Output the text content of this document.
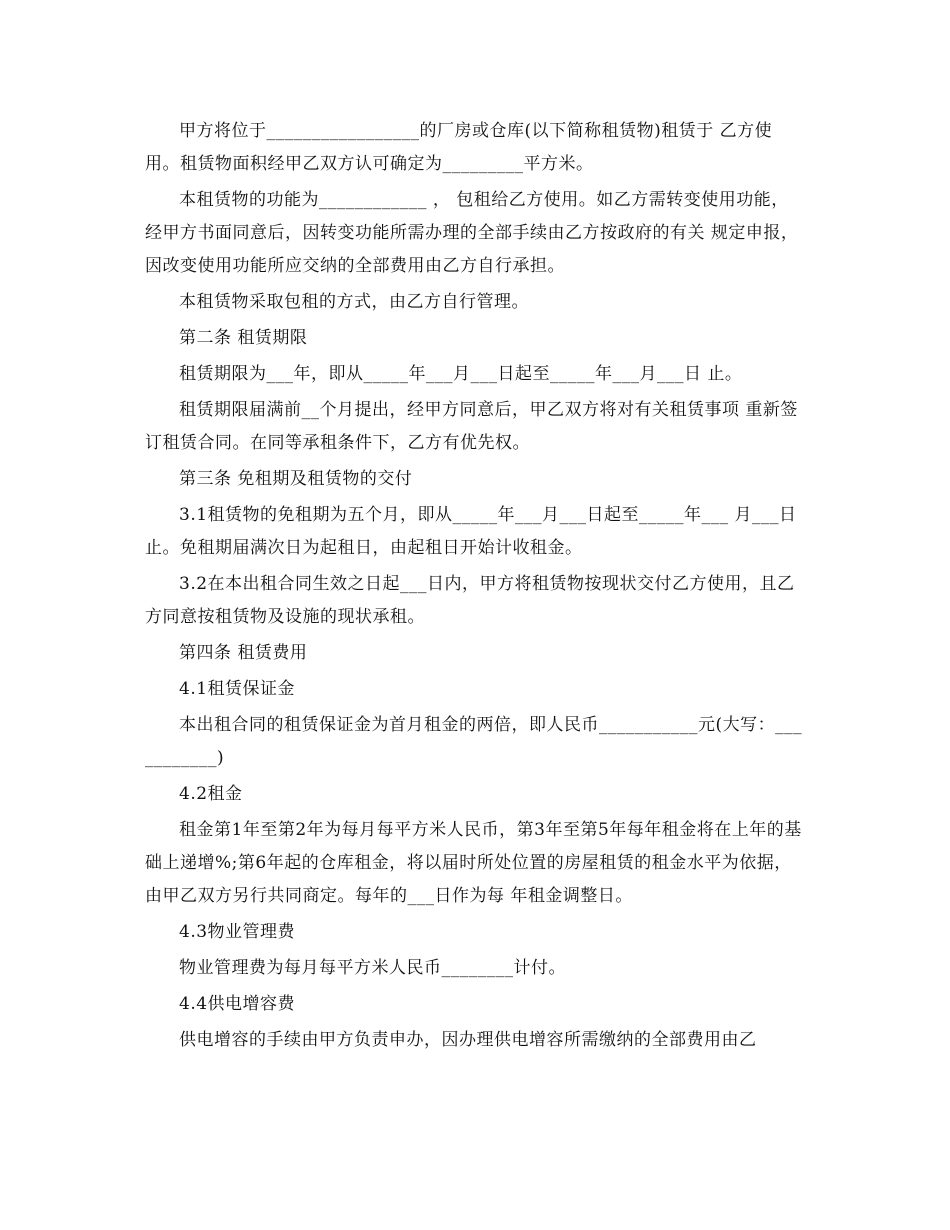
甲方将位于_________________的厂房或仓库(以下简称租赁物)租赁于 乙方使用。租赁物面积经甲乙双方认可确定为_________平方米。

本租赁物的功能为____________ ， 包租给乙方使用。如乙方需转变使用功能，经甲方书面同意后，因转变功能所需办理的全部手续由乙方按政府的有关 规定申报，因改变使用功能所应交纳的全部费用由乙方自行承担。

本租赁物采取包租的方式，由乙方自行管理。

第二条 租赁期限

租赁期限为___年，即从_____年___月___日起至_____年___月___日 止。

租赁期限届满前__个月提出，经甲方同意后，甲乙双方将对有关租赁事项 重新签订租赁合同。在同等承租条件下，乙方有优先权。

第三条 免租期及租赁物的交付

3.1租赁物的免租期为五个月，即从_____年___月___日起至_____年___ 月___日止。免租期届满次日为起租日，由起租日开始计收租金。

3.2在本出租合同生效之日起___日内，甲方将租赁物按现状交付乙方使用，且乙方同意按租赁物及设施的现状承租。

第四条 租赁费用

4.1租赁保证金

本出租合同的租赁保证金为首月租金的两倍，即人民币___________元(大写：___________)

4.2租金

租金第1年至第2年为每月每平方米人民币，第3年至第5年每年租金将在上年的基础上递增%;第6年起的仓库租金，将以届时所处位置的房屋租赁的租金水平为依据，由甲乙双方另行共同商定。每年的___日作为每 年租金调整日。

4.3物业管理费

物业管理费为每月每平方米人民币________计付。

4.4供电增容费

供电增容的手续由甲方负责申办，因办理供电增容所需缴纳的全部费用由乙
